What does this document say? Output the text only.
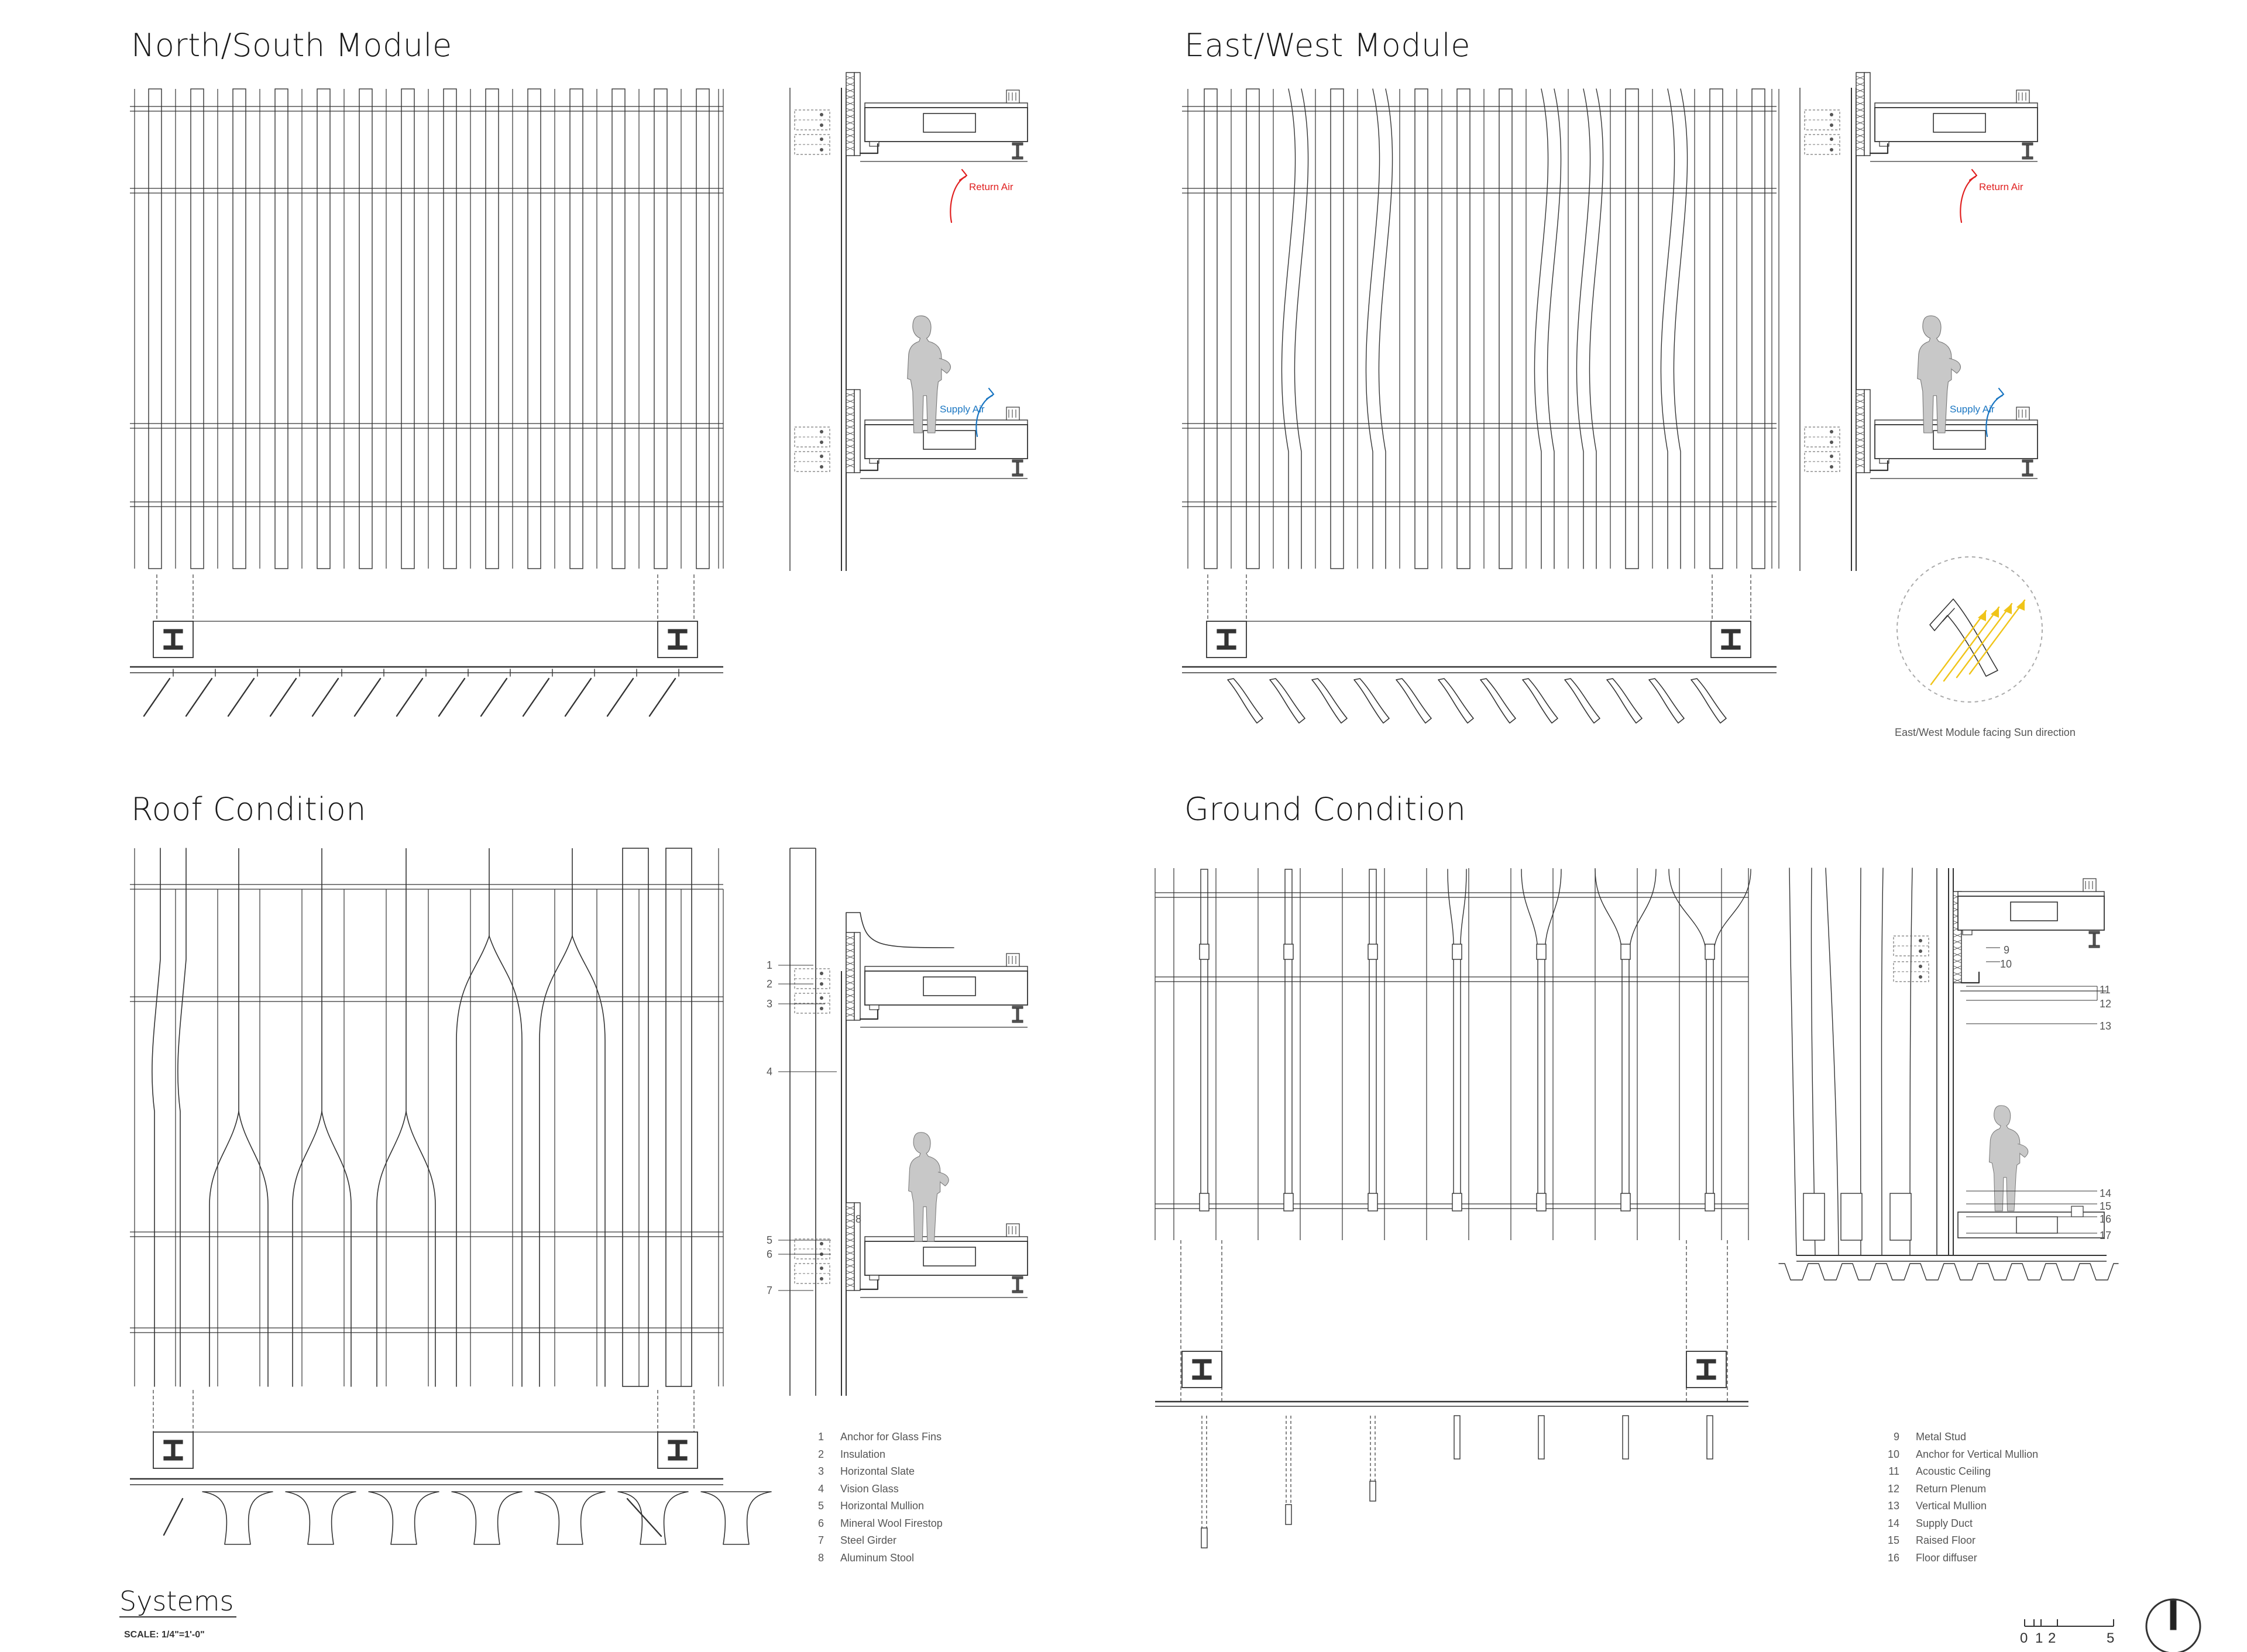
North/South Module	East/West Module
Roof Condition	Ground Condition
Return Air
Supply Air
Return Air
Supply Air
East/West Module facing Sun direction
1
2
3
4
5
6
7
8
9
10
11
12
13
14
15
16
17
1	Anchor for Glass Fins
2	Insulation
3	Horizontal Slate
4	Vision Glass
5	Horizontal Mullion
6	Mineral Wool Firestop
7	Steel Girder
8	Aluminum Stool
9	Metal Stud
10	Anchor for Vertical Mullion
11	Acoustic Ceiling
12	Return Plenum
13	Vertical Mullion
14	Supply Duct
15	Raised Floor
16	Floor diffuser
Systems
SCALE: 1/4"=1'-0"	0 1 2	5
